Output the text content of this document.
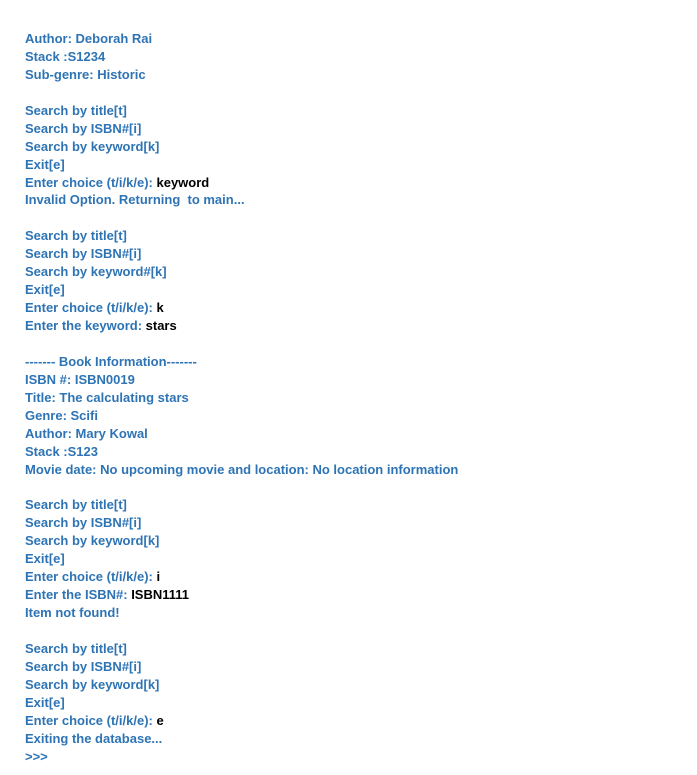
Author: Deborah Rai
Stack :S1234
Sub-genre: Historic
Search by title[t]
Search by ISBN#[i]
Search by keyword[k]
Exit[e]
Enter choice (t/i/k/e): keyword
Invalid Option. Returning  to main...
Search by title[t]
Search by ISBN#[i]
Search by keyword#[k]
Exit[e]
Enter choice (t/i/k/e): k
Enter the keyword: stars
------- Book Information-------
ISBN #: ISBN0019
Title: The calculating stars
Genre: Scifi
Author: Mary Kowal
Stack :S123
Movie date: No upcoming movie and location: No location information
Search by title[t]
Search by ISBN#[i]
Search by keyword[k]
Exit[e]
Enter choice (t/i/k/e): i
Enter the ISBN#: ISBN1111
Item not found!
Search by title[t]
Search by ISBN#[i]
Search by keyword[k]
Exit[e]
Enter choice (t/i/k/e): e
Exiting the database...
>>>
